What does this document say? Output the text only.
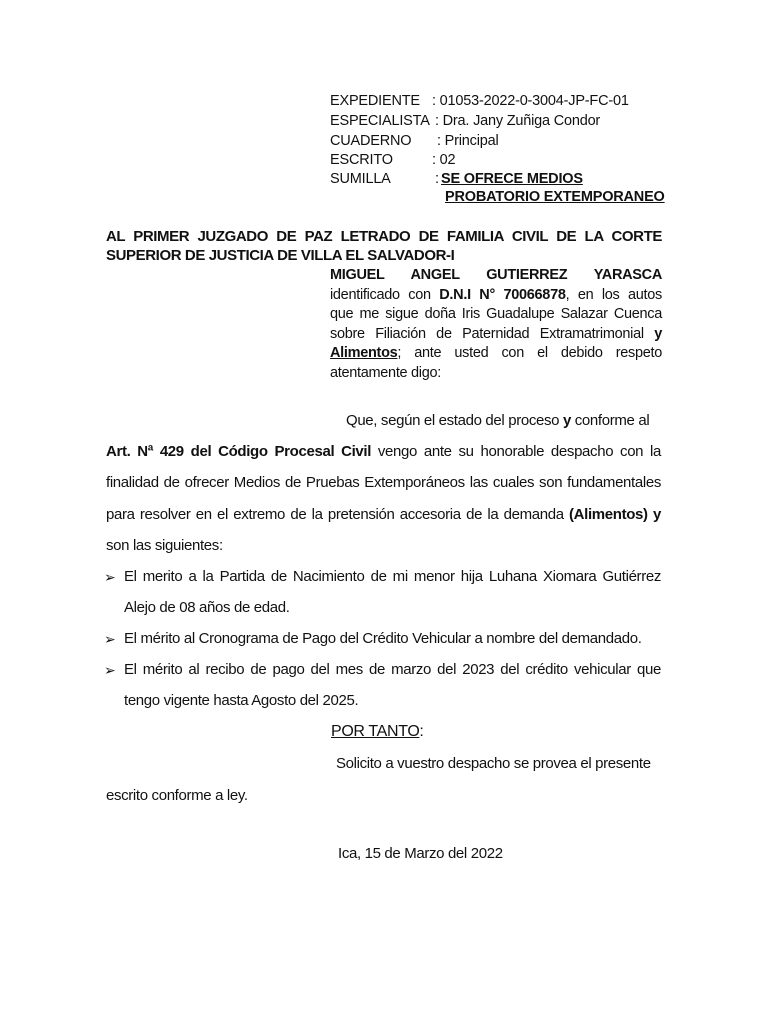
EXPEDIENTE : 01053-2022-0-3004-JP-FC-01
ESPECIALISTA : Dra. Jany Zuñiga Condor
CUADERNO : Principal
ESCRITO	: 02
SUMILLA	: SE OFRECE MEDIOS
PROBATORIO EXTEMPORANEO
AL PRIMER JUZGADO DE PAZ LETRADO DE FAMILIA CIVIL DE LA CORTE
SUPERIOR DE JUSTICIA DE VILLA EL SALVADOR-I
MIGUEL ANGEL GUTIERREZ YARASCA
identificado con D.N.I N° 70066878, en los autos
que me sigue doña Iris Guadalupe Salazar Cuenca
sobre Filiación de Paternidad Extramatrimonial y
Alimentos; ante usted con el debido respeto
atentamente digo:
Que, según el estado del proceso y conforme al
Art. Nª 429 del Código Procesal Civil vengo ante su honorable despacho con la
finalidad de ofrecer Medios de Pruebas Extemporáneos las cuales son fundamentales
para resolver en el extremo de la pretensión accesoria de la demanda (Alimentos) y
son las siguientes:
➢ El merito a la Partida de Nacimiento de mi menor hija Luhana Xiomara Gutiérrez
Alejo de 08 años de edad.
➢ El mérito al Cronograma de Pago del Crédito Vehicular a nombre del demandado.
➢ El mérito al recibo de pago del mes de marzo del 2023 del crédito vehicular que
tengo vigente hasta Agosto del 2025.
POR TANTO:
Solicito a vuestro despacho se provea el presente
escrito conforme a ley.
Ica, 15 de Marzo del 2022
